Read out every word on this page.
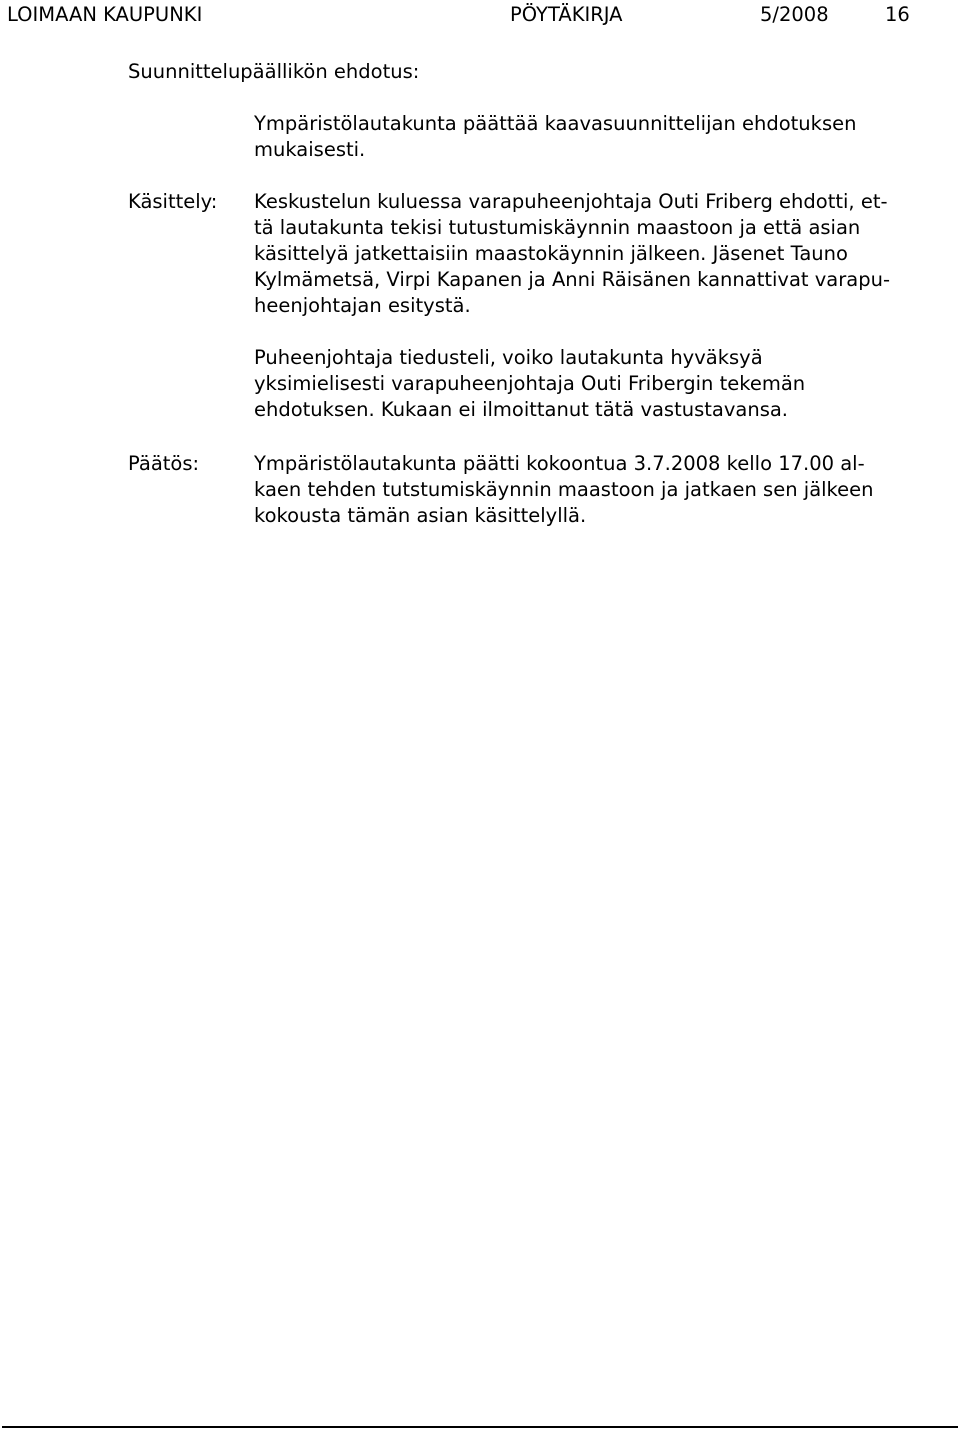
LOIMAAN KAUPUNKI	PÖYTÄKIRJA	5/2008	16
Suunnittelupäällikön ehdotus:
Ympäristölautakunta päättää kaavasuunnittelijan ehdotuksen
mukaisesti.
Käsittely: Keskustelun kuluessa varapuheenjohtaja Outi Friberg ehdotti, et-
tä lautakunta tekisi tutustumiskäynnin maastoon ja että asian
käsittelyä jatkettaisiin maastokäynnin jälkeen. Jäsenet Tauno
Kylmämetsä, Virpi Kapanen ja Anni Räisänen kannattivat varapu-
heenjohtajan esitystä.
Puheenjohtaja tiedusteli, voiko lautakunta hyväksyä
yksimielisesti varapuheenjohtaja Outi Fribergin tekemän
ehdotuksen. Kukaan ei ilmoittanut tätä vastustavansa.
Päätös:	Ympäristölautakunta päätti kokoontua 3.7.2008 kello 17.00 al-
kaen tehden tutstumiskäynnin maastoon ja jatkaen sen jälkeen
kokousta tämän asian käsittelyllä.
